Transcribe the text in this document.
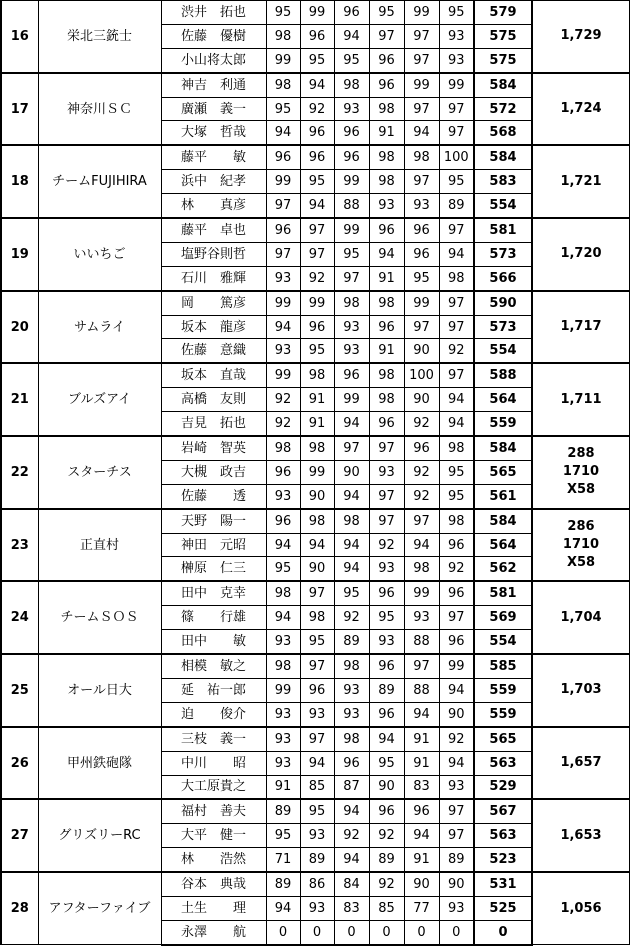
16	栄北三銃士	渋井　拓也	95	99	96	95	99	95	579	1,729

		佐藤　優樹	98	96	94	97	97	93	575	
		小山将太郎	99	95	95	96	97	93	575	
17	神奈川ＳＣ	神吉　利通	98	94	98	96	99	99	584	1,724

		廣瀬　義一	95	92	93	98	97	97	572	
		大塚　哲哉	94	96	96	91	94	97	568	
18	チームFUJIHIRA	藤平　　敏	96	96	96	98	98	100	584	1,721

		浜中　紀孝	99	95	99	98	97	95	583	
		林　　真彦	97	94	88	93	93	89	554	
19	いいちご	藤平　卓也	96	97	99	96	96	97	581	1,720

		塩野谷則哲	97	97	95	94	96	94	573	
		石川　雅輝	93	92	97	91	95	98	566	
20	サムライ	岡　　篤彦	99	99	98	98	99	97	590	1,717

		坂本　龍彦	94	96	93	96	97	97	573	
		佐藤　意織	93	95	93	91	90	92	554	
21	ブルズアイ	坂本　直哉	99	98	96	98	100	97	588	1,711

		高橋　友則	92	91	99	98	90	94	564	
		吉見　拓也	92	91	94	96	92	94	559	
22	スターチス	岩崎　智英	98	98	97	97	96	98	584	288
1710
X58

		大槻　政吉	96	99	90	93	92	95	565	
		佐藤　　透	93	90	94	97	92	95	561	
23	正直村	天野　陽一	96	98	98	97	97	98	584	286
1710
X58

		神田　元昭	94	94	94	92	94	96	564	
		榊原　仁三	95	90	94	93	98	92	562	
24	チームＳＯＳ	田中　克幸	98	97	95	96	99	96	581	1,704

		篠　　行雄	94	98	92	95	93	97	569	
		田中　　敏	93	95	89	93	88	96	554	
25	オール日大	相模　敏之	98	97	98	96	97	99	585	1,703

		延　祐一郎	99	96	93	89	88	94	559	
		迫　　俊介	93	93	93	96	94	90	559	
26	甲州鉄砲隊	三枝　義一	93	97	98	94	91	92	565	1,657

		中川　　昭	93	94	96	95	91	94	563	
		大工原貴之	91	85	87	90	83	93	529	
27	グリズリーRC	福村　善夫	89	95	94	96	96	97	567	1,653

		大平　健一	95	93	92	92	94	97	563	
		林　　浩然	71	89	94	89	91	89	523	
28	アフターファイブ	谷本　典哉	89	86	84	92	90	90	531	1,056

		土生　　理	94	93	83	85	77	93	525	
		永澤　　航	0	0	0	0	0	0	0	
